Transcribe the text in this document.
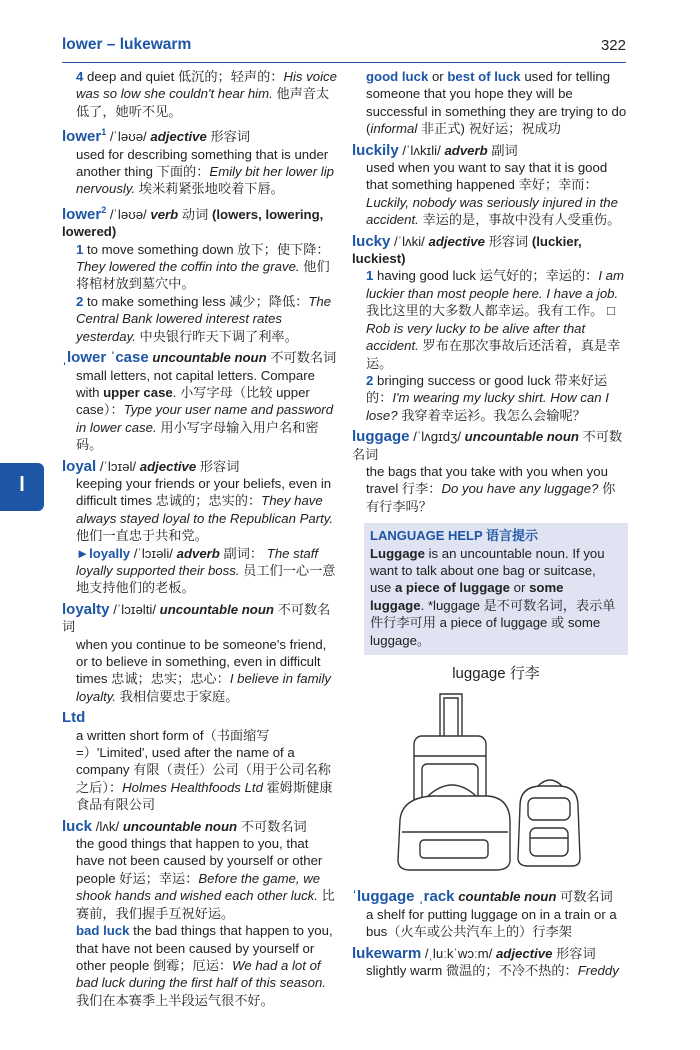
lower – lukewarm	322
l
4 deep and quiet 低沉的；轻声的：His voice was so low she couldn't hear him. 他声音太低了，她听不见。
lower$^1$ /ˈləʊə/ adjective 形容词
used for describing something that is under another thing 下面的：Emily bit her lower lip nervously. 埃米莉紧张地咬着下唇。
lower$^2$ /ˈləʊə/ verb 动词 (lowers, lowering, lowered)
1 to move something down 放下；使下降：They lowered the coffin into the grave. 他们将棺材放到墓穴中。
2 to make something less 减少；降低：The Central Bank lowered interest rates yesterday. 中央银行昨天下调了利率。
ˌlower ˈcase uncountable noun 不可数名词
small letters, not capital letters. Compare with upper case. 小写字母（比较 upper case）：Type your user name and password in lower case. 用小写字母输入用户名和密码。
loyal /ˈlɔɪəl/ adjective 形容词
keeping your friends or your beliefs, even in difficult times 忠诚的；忠实的：They have always stayed loyal to the Republican Party. 他们一直忠于共和党。
►loyally /ˈlɔɪəli/ adverb 副词： The staff loyally supported their boss. 员工们一心一意地支持他们的老板。
loyalty /ˈlɔɪəlti/ uncountable noun 不可数名词
when you continue to be someone's friend, or to believe in something, even in difficult times 忠诚；忠实；忠心：I believe in family loyalty. 我相信要忠于家庭。
Ltd
a written short form of（书面缩写 =）'Limited', used after the name of a company 有限（责任）公司（用于公司名称之后）：Holmes Healthfoods Ltd 霍姆斯健康食品有限公司
luck /lʌk/ uncountable noun 不可数名词
the good things that happen to you, that have not been caused by yourself or other people 好运；幸运：Before the game, we shook hands and wished each other luck. 比赛前，我们握手互祝好运。
bad luck the bad things that happen to you, that have not been caused by yourself or other people 倒霉；厄运：We had a lot of bad luck during the first half of this season. 我们在本赛季上半段运气很不好。
good luck or best of luck used for telling someone that you hope they will be successful in something they are trying to do (informal 非正式) 祝好运；祝成功
luckily /ˈlʌkɪli/ adverb 副词
used when you want to say that it is good that something happened 幸好；幸而：Luckily, nobody was seriously injured in the accident. 幸运的是，事故中没有人受重伤。
lucky /ˈlʌki/ adjective 形容词 (luckier, luckiest)
1 having good luck 运气好的；幸运的：I am luckier than most people here. I have a job. 我比这里的大多数人都幸运。我有工作。 □ Rob is very lucky to be alive after that accident. 罗布在那次事故后还活着，真是幸运。
2 bringing success or good luck 带来好运的：I'm wearing my lucky shirt. How can I lose? 我穿着幸运衫。我怎么会输呢？
luggage /ˈlʌgɪdʒ/ uncountable noun 不可数名词
the bags that you take with you when you travel 行李：Do you have any luggage? 你有行李吗？
LANGUAGE HELP 语言提示
Luggage is an uncountable noun. If you want to talk about one bag or suitcase, use a piece of luggage or some luggage. *luggage 是不可数名词，表示单件行李可用 a piece of luggage 或 some luggage。
luggage 行李
ˈluggage ˌrack countable noun 可数名词
a shelf for putting luggage on in a train or a bus（火车或公共汽车上的）行李架
lukewarm /ˌluːkˈwɔːm/ adjective 形容词
slightly warm 微温的；不冷不热的：Freddy
